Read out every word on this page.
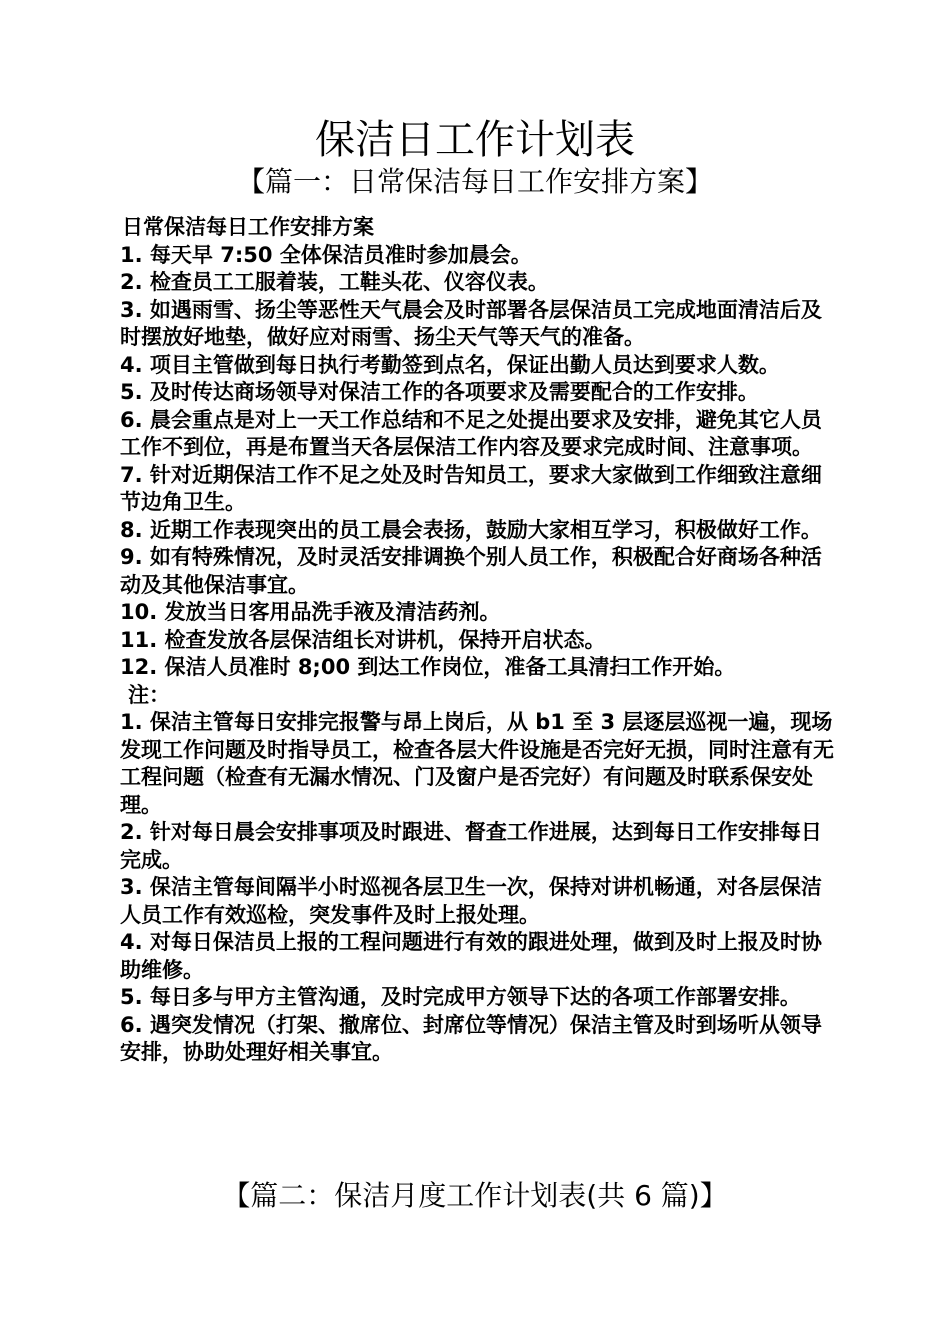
保洁日工作计划表
【篇一：日常保洁每日工作安排方案】

日常保洁每日工作安排方案

1. 每天早 7:50 全体保洁员准时参加晨会。

2. 检查员工工服着装，工鞋头花、仪容仪表。

3. 如遇雨雪、扬尘等恶性天气晨会及时部署各层保洁员工完成地面清洁后及时摆放好地垫，做好应对雨雪、扬尘天气等天气的准备。

4. 项目主管做到每日执行考勤签到点名，保证出勤人员达到要求人数。

5. 及时传达商场领导对保洁工作的各项要求及需要配合的工作安排。

6. 晨会重点是对上一天工作总结和不足之处提出要求及安排，避免其它人员工作不到位，再是布置当天各层保洁工作内容及要求完成时间、注意事项。

7. 针对近期保洁工作不足之处及时告知员工，要求大家做到工作细致注意细节边角卫生。

8. 近期工作表现突出的员工晨会表扬，鼓励大家相互学习，积极做好工作。

9. 如有特殊情况，及时灵活安排调换个别人员工作，积极配合好商场各种活动及其他保洁事宜。

10. 发放当日客用品洗手液及清洁药剂。

11. 检查发放各层保洁组长对讲机，保持开启状态。

12. 保洁人员准时 8;00 到达工作岗位，准备工具清扫工作开始。

注：

1. 保洁主管每日安排完报警与昂上岗后，从 b1 至 3 层逐层巡视一遍，现场发现工作问题及时指导员工，检查各层大件设施是否完好无损，同时注意有无工程问题（检查有无漏水情况、门及窗户是否完好）有问题及时联系保安处理。

2. 针对每日晨会安排事项及时跟进、督查工作进展，达到每日工作安排每日完成。

3. 保洁主管每间隔半小时巡视各层卫生一次，保持对讲机畅通，对各层保洁人员工作有效巡检，突发事件及时上报处理。

4. 对每日保洁员上报的工程问题进行有效的跟进处理，做到及时上报及时协助维修。

5. 每日多与甲方主管沟通，及时完成甲方领导下达的各项工作部署安排。

6. 遇突发情况（打架、撤席位、封席位等情况）保洁主管及时到场听从领导安排，协助处理好相关事宜。

【篇二：保洁月度工作计划表(共 6 篇)】
